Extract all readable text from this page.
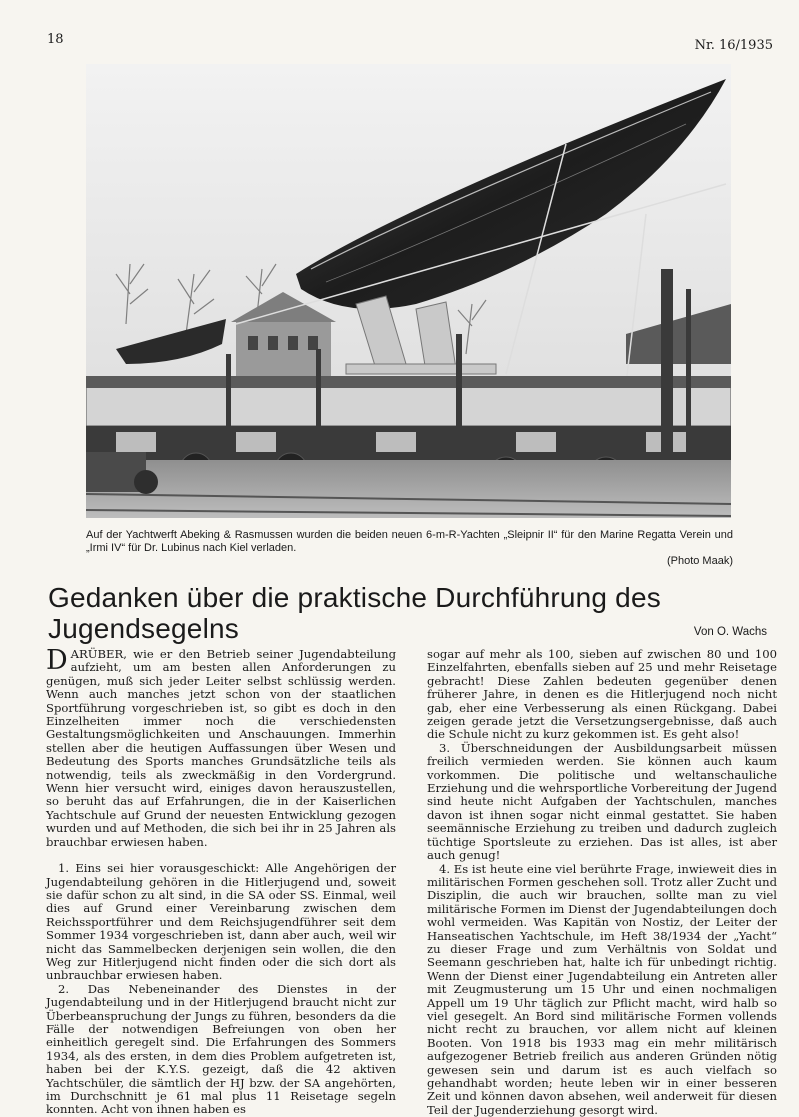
18	Nr. 16/1935
Auf der Yachtwerft Abeking & Rasmussen wurden die beiden neuen 6-m-R-Yachten „Sleipnir II“ für den Marine Regatta Verein und „Irmi IV“ für Dr. Lubinus nach Kiel verladen.
(Photo Maak)
Gedanken über die praktische Durchführung des Jugendsegelns	Von O. Wachs

DARÜBER, wie er den Betrieb seiner Jugendabteilung aufzieht, um am besten allen Anforderungen zu genügen, muß sich jeder Leiter selbst schlüssig werden. Wenn auch manches jetzt schon von der staatlichen Sportführung vorgeschrieben ist, so gibt es doch in den Einzelheiten immer noch die verschiedensten Gestaltungsmöglichkeiten und Anschauungen. Immerhin stellen aber die heutigen Auffassungen über Wesen und Bedeutung des Sports manches Grundsätzliche teils als notwendig, teils als zweckmäßig in den Vordergrund. Wenn hier versucht wird, einiges davon herauszustellen, so beruht das auf Erfahrungen, die in der Kaiserlichen Yachtschule auf Grund der neuesten Entwicklung gezogen wurden und auf Methoden, die sich bei ihr in 25 Jahren als brauchbar erwiesen haben.

1. Eins sei hier vorausgeschickt: Alle Angehörigen der Jugendabteilung gehören in die Hitlerjugend und, soweit sie dafür schon zu alt sind, in die SA oder SS. Einmal, weil dies auf Grund einer Vereinbarung zwischen dem Reichssportführer und dem Reichsjugendführer seit dem Sommer 1934 vorgeschrieben ist, dann aber auch, weil wir nicht das Sammelbecken derjenigen sein wollen, die den Weg zur Hitlerjugend nicht finden oder die sich dort als unbrauchbar erwiesen haben.

2. Das Nebeneinander des Dienstes in der Jugendabteilung und in der Hitlerjugend braucht nicht zur Überbeanspruchung der Jungs zu führen, besonders da die Fälle der notwendigen Befreiungen von oben her einheitlich geregelt sind. Die Erfahrungen des Sommers 1934, als des ersten, in dem dies Problem aufgetreten ist, haben bei der K.Y.S. gezeigt, daß die 42 aktiven Yachtschüler, die sämtlich der HJ bzw. der SA angehörten, im Durchschnitt je 61 mal plus 11 Reisetage segeln konnten. Acht von ihnen haben es

sogar auf mehr als 100, sieben auf zwischen 80 und 100 Einzelfahrten, ebenfalls sieben auf 25 und mehr Reisetage gebracht! Diese Zahlen bedeuten gegenüber denen früherer Jahre, in denen es die Hitlerjugend noch nicht gab, eher eine Verbesserung als einen Rückgang. Dabei zeigen gerade jetzt die Versetzungsergebnisse, daß auch die Schule nicht zu kurz gekommen ist. Es geht also!

3. Überschneidungen der Ausbildungsarbeit müssen freilich vermieden werden. Sie können auch kaum vorkommen. Die politische und weltanschauliche Erziehung und die wehrsportliche Vorbereitung der Jugend sind heute nicht Aufgaben der Yachtschulen, manches davon ist ihnen sogar nicht einmal gestattet. Sie haben seemännische Erziehung zu treiben und dadurch zugleich tüchtige Sportsleute zu erziehen. Das ist alles, ist aber auch genug!

4. Es ist heute eine viel berührte Frage, inwieweit dies in militärischen Formen geschehen soll. Trotz aller Zucht und Disziplin, die auch wir brauchen, sollte man zu viel militärische Formen im Dienst der Jugendabteilungen doch wohl vermeiden. Was Kapitän von Nostiz, der Leiter der Hanseatischen Yachtschule, im Heft 38/1934 der „Yacht“ zu dieser Frage und zum Verhältnis von Soldat und Seemann geschrieben hat, halte ich für unbedingt richtig. Wenn der Dienst einer Jugendabteilung ein Antreten aller mit Zeugmusterung um 15 Uhr und einen nochmaligen Appell um 19 Uhr täglich zur Pflicht macht, wird halb so viel gesegelt. An Bord sind militärische Formen vollends nicht recht zu brauchen, vor allem nicht auf kleinen Booten. Von 1918 bis 1933 mag ein mehr militärisch aufgezogener Betrieb freilich aus anderen Gründen nötig gewesen sein und darum ist es auch vielfach so gehandhabt worden; heute leben wir in einer besseren Zeit und können davon absehen, weil anderweit für diesen Teil der Jugenderziehung gesorgt wird.
